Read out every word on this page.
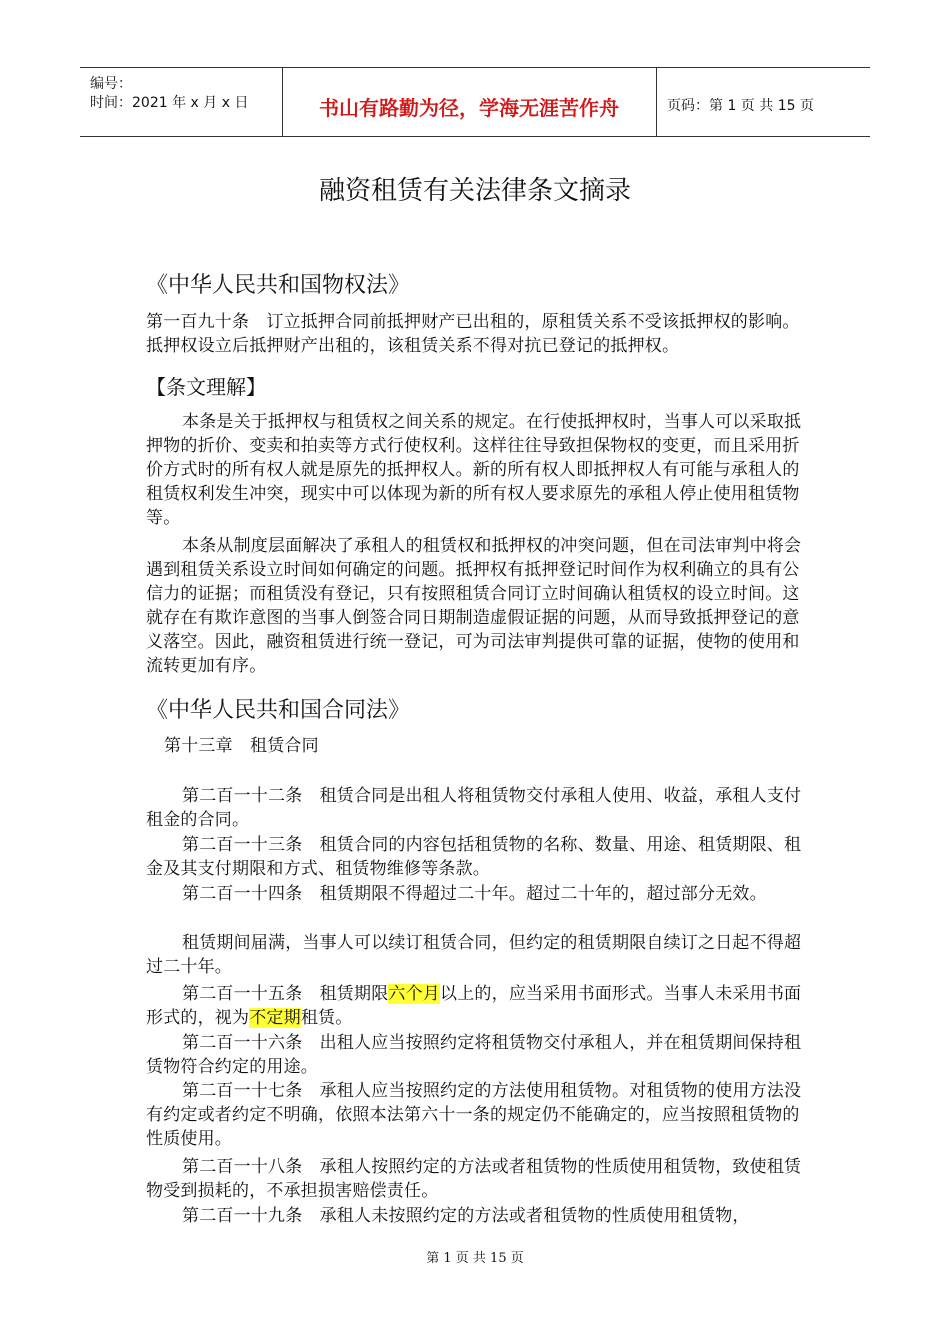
编号：
时间：2021 年 x 月 x 日	书山有路勤为径，学海无涯苦作舟	页码：第 1 页 共 15 页
融资租赁有关法律条文摘录
《中华人民共和国物权法》
第一百九十条　订立抵押合同前抵押财产已出租的，原租赁关系不受该抵押权的影响。抵押权设立后抵押财产出租的，该租赁关系不得对抗已登记的抵押权。
【条文理解】
本条是关于抵押权与租赁权之间关系的规定。在行使抵押权时，当事人可以采取抵押物的折价、变卖和拍卖等方式行使权利。这样往往导致担保物权的变更，而且采用折价方式时的所有权人就是原先的抵押权人。新的所有权人即抵押权人有可能与承租人的租赁权利发生冲突，现实中可以体现为新的所有权人要求原先的承租人停止使用租赁物等。
本条从制度层面解决了承租人的租赁权和抵押权的冲突问题，但在司法审判中将会遇到租赁关系设立时间如何确定的问题。抵押权有抵押登记时间作为权利确立的具有公信力的证据；而租赁没有登记，只有按照租赁合同订立时间确认租赁权的设立时间。这就存在有欺诈意图的当事人倒签合同日期制造虚假证据的问题，从而导致抵押登记的意义落空。因此，融资租赁进行统一登记，可为司法审判提供可靠的证据，使物的使用和流转更加有序。
《中华人民共和国合同法》
第十三章　租赁合同
第二百一十二条　租赁合同是出租人将租赁物交付承租人使用、收益，承租人支付租金的合同。
第二百一十三条　租赁合同的内容包括租赁物的名称、数量、用途、租赁期限、租金及其支付期限和方式、租赁物维修等条款。
第二百一十四条　租赁期限不得超过二十年。超过二十年的，超过部分无效。
租赁期间届满，当事人可以续订租赁合同，但约定的租赁期限自续订之日起不得超过二十年。
第二百一十五条　租赁期限六个月以上的，应当采用书面形式。当事人未采用书面形式的，视为不定期租赁。
第二百一十六条　出租人应当按照约定将租赁物交付承租人，并在租赁期间保持租赁物符合约定的用途。
第二百一十七条　承租人应当按照约定的方法使用租赁物。对租赁物的使用方法没有约定或者约定不明确，依照本法第六十一条的规定仍不能确定的，应当按照租赁物的性质使用。
第二百一十八条　承租人按照约定的方法或者租赁物的性质使用租赁物，致使租赁物受到损耗的，不承担损害赔偿责任。
第二百一十九条　承租人未按照约定的方法或者租赁物的性质使用租赁物，
第 1 页 共 15 页
